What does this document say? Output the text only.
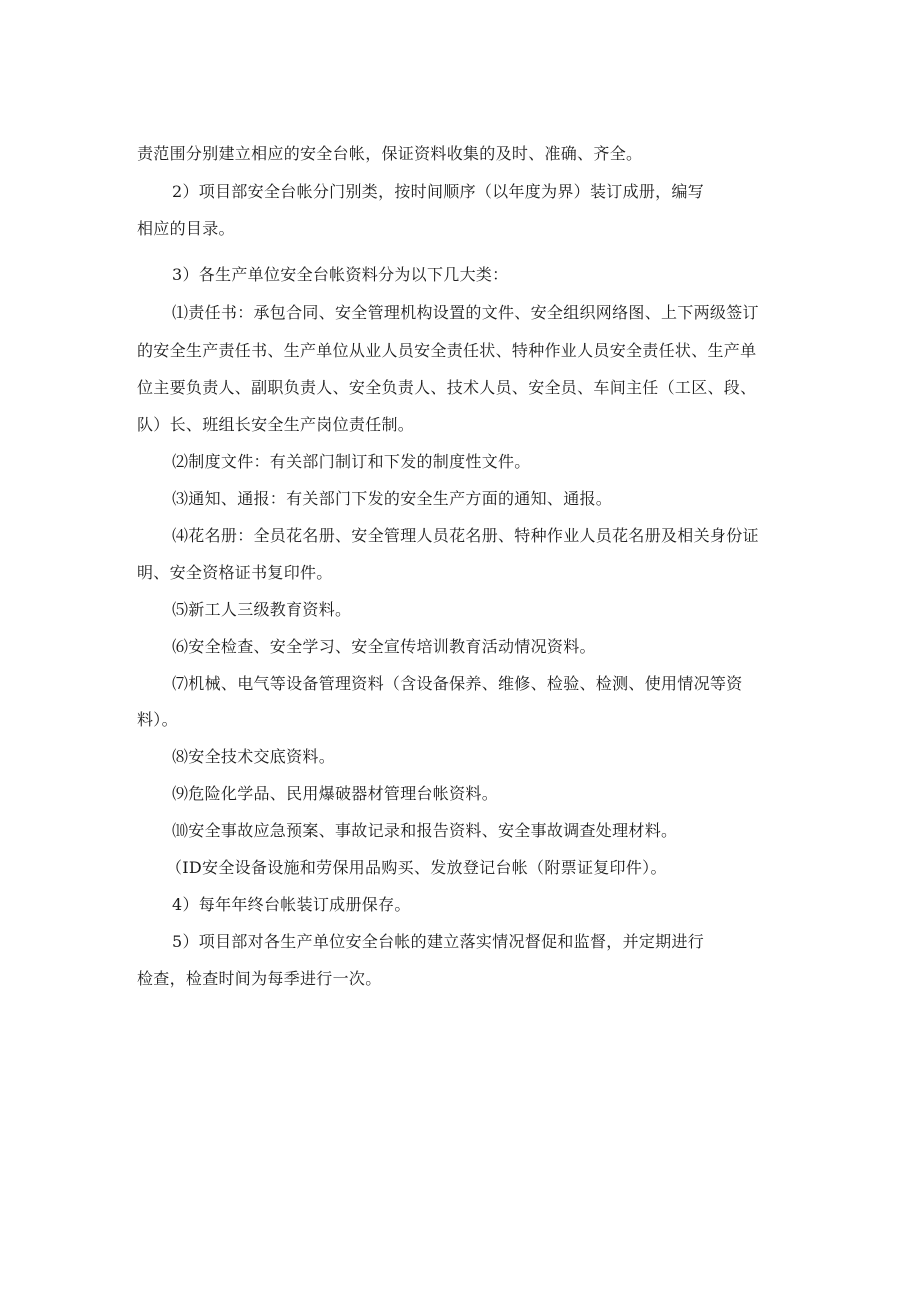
责范围分别建立相应的安全台帐，保证资料收集的及时、准确、齐全。
2）项目部安全台帐分门别类，按时间顺序（以年度为界）装订成册，编写
相应的目录。
3）各生产单位安全台帐资料分为以下几大类：
⑴责任书：承包合同、安全管理机构设置的文件、安全组织网络图、上下两级签订
的安全生产责任书、生产单位从业人员安全责任状、特种作业人员安全责任状、生产单
位主要负责人、副职负责人、安全负责人、技术人员、安全员、车间主任（工区、段、
队）长、班组长安全生产岗位责任制。
⑵制度文件：有关部门制订和下发的制度性文件。
⑶通知、通报：有关部门下发的安全生产方面的通知、通报。
⑷花名册：全员花名册、安全管理人员花名册、特种作业人员花名册及相关身份证
明、安全资格证书复印件。
⑸新工人三级教育资料。
⑹安全检查、安全学习、安全宣传培训教育活动情况资料。
⑺机械、电气等设备管理资料（含设备保养、维修、检验、检测、使用情况等资
料）。
⑻安全技术交底资料。
⑼危险化学品、民用爆破器材管理台帐资料。
⑽安全事故应急预案、事故记录和报告资料、安全事故调查处理材料。
（ID安全设备设施和劳保用品购买、发放登记台帐（附票证复印件）。
4）每年年终台帐装订成册保存。
5）项目部对各生产单位安全台帐的建立落实情况督促和监督，并定期进行
检查，检查时间为每季进行一次。
